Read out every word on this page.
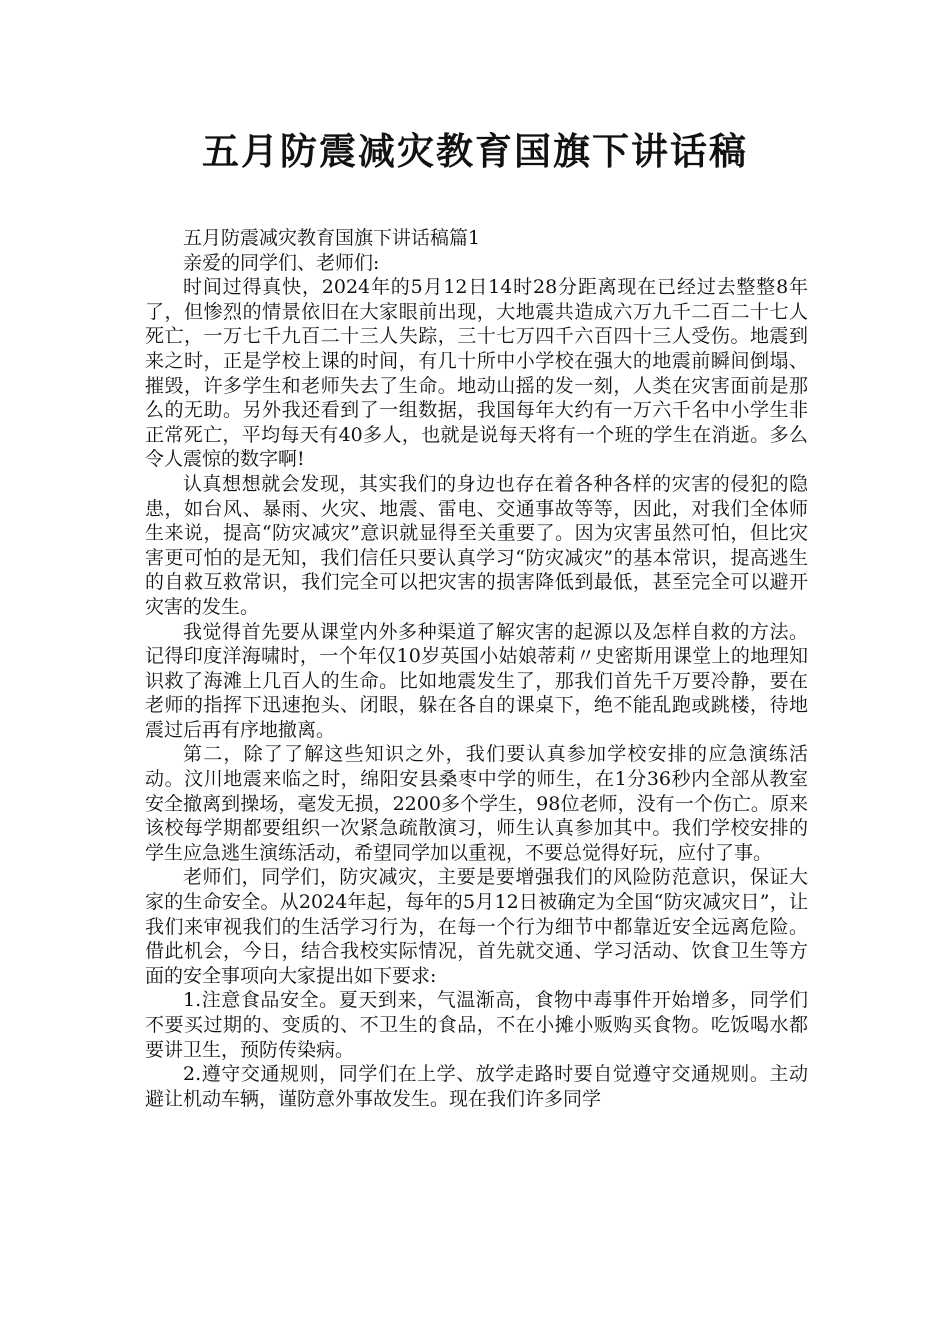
五月防震减灾教育国旗下讲话稿

五月防震减灾教育国旗下讲话稿篇1

亲爱的同学们、老师们:

时间过得真快，2024年的5月12日14时28分距离现在已经过去整整8年了，但惨烈的情景依旧在大家眼前出现，大地震共造成六万九千二百二十七人死亡，一万七千九百二十三人失踪，三十七万四千六百四十三人受伤。地震到来之时，正是学校上课的时间，有几十所中小学校在强大的地震前瞬间倒塌、摧毁，许多学生和老师失去了生命。地动山摇的发一刻，人类在灾害面前是那么的无助。另外我还看到了一组数据，我国每年大约有一万六千名中小学生非正常死亡，平均每天有40多人，也就是说每天将有一个班的学生在消逝。多么令人震惊的数字啊!

认真想想就会发现，其实我们的身边也存在着各种各样的灾害的侵犯的隐患，如台风、暴雨、火灾、地震、雷电、交通事故等等，因此，对我们全体师生来说，提高“防灾减灾”意识就显得至关重要了。因为灾害虽然可怕，但比灾害更可怕的是无知，我们信任只要认真学习“防灾减灾”的基本常识，提高逃生的自救互救常识，我们完全可以把灾害的损害降低到最低，甚至完全可以避开灾害的发生。

我觉得首先要从课堂内外多种渠道了解灾害的起源以及怎样自救的方法。记得印度洋海啸时，一个年仅10岁英国小姑娘蒂莉〃史密斯用课堂上的地理知识救了海滩上几百人的生命。比如地震发生了，那我们首先千万要冷静，要在老师的指挥下迅速抱头、闭眼，躲在各自的课桌下，绝不能乱跑或跳楼，待地震过后再有序地撤离。

第二，除了了解这些知识之外，我们要认真参加学校安排的应急演练活动。汶川地震来临之时，绵阳安县桑枣中学的师生，在1分36秒内全部从教室安全撤离到操场，毫发无损，2200多个学生，98位老师，没有一个伤亡。原来该校每学期都要组织一次紧急疏散演习，师生认真参加其中。我们学校安排的学生应急逃生演练活动，希望同学加以重视，不要总觉得好玩，应付了事。

老师们，同学们，防灾减灾，主要是要增强我们的风险防范意识，保证大家的生命安全。从2024年起，每年的5月12日被确定为全国“防灾减灾日”，让我们来审视我们的生活学习行为，在每一个行为细节中都靠近安全远离危险。借此机会，今日，结合我校实际情况，首先就交通、学习活动、饮食卫生等方面的安全事项向大家提出如下要求:

1.注意食品安全。夏天到来，气温渐高，食物中毒事件开始增多，同学们不要买过期的、变质的、不卫生的食品，不在小摊小贩购买食物。吃饭喝水都要讲卫生，预防传染病。

2.遵守交通规则，同学们在上学、放学走路时要自觉遵守交通规则。主动避让机动车辆，谨防意外事故发生。现在我们许多同学
